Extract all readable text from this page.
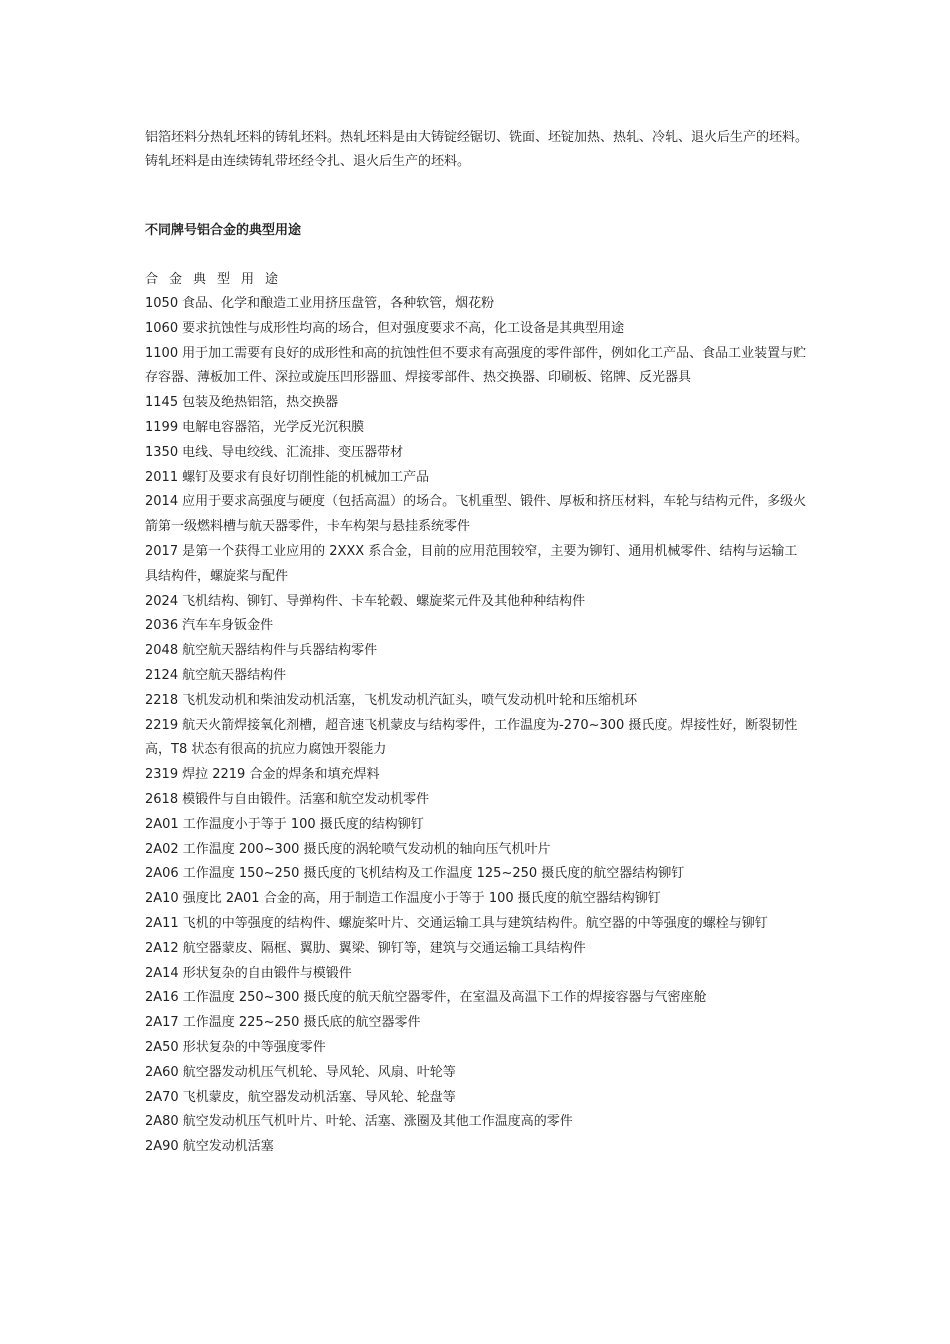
铝箔坯料分热轧坯料的铸轧坯料。热轧坯料是由大铸锭经锯切、铣面、坯锭加热、热轧、冷轧、退火后生产的坯料。铸轧坯料是由连续铸轧带坯经令扎、退火后生产的坯料。

不同牌号铝合金的典型用途

合金典型用途

1050 食品、化学和酿造工业用挤压盘管，各种软管，烟花粉
1060 要求抗蚀性与成形性均高的场合，但对强度要求不高，化工设备是其典型用途
1100 用于加工需要有良好的成形性和高的抗蚀性但不要求有高强度的零件部件，例如化工产品、食品工业装置与贮存容器、薄板加工件、深拉或旋压凹形器皿、焊接零部件、热交换器、印刷板、铭牌、反光器具
1145 包装及绝热铝箔，热交换器
1199 电解电容器箔，光学反光沉积膜
1350 电线、导电绞线、汇流排、变压器带材
2011 螺钉及要求有良好切削性能的机械加工产品
2014 应用于要求高强度与硬度（包括高温）的场合。飞机重型、锻件、厚板和挤压材料，车轮与结构元件，多级火箭第一级燃料槽与航天器零件，卡车构架与悬挂系统零件
2017 是第一个获得工业应用的 2XXX 系合金，目前的应用范围较窄，主要为铆钉、通用机械零件、结构与运输工具结构件，螺旋桨与配件
2024 飞机结构、铆钉、导弹构件、卡车轮毂、螺旋桨元件及其他种种结构件
2036 汽车车身钣金件
2048 航空航天器结构件与兵器结构零件
2124 航空航天器结构件
2218 飞机发动机和柴油发动机活塞，飞机发动机汽缸头，喷气发动机叶轮和压缩机环
2219 航天火箭焊接氧化剂槽，超音速飞机蒙皮与结构零件，工作温度为-270~300 摄氏度。焊接性好，断裂韧性高，T8 状态有很高的抗应力腐蚀开裂能力
2319 焊拉 2219 合金的焊条和填充焊料
2618 模锻件与自由锻件。活塞和航空发动机零件
2A01 工作温度小于等于 100 摄氏度的结构铆钉
2A02 工作温度 200~300 摄氏度的涡轮喷气发动机的轴向压气机叶片
2A06 工作温度 150~250 摄氏度的飞机结构及工作温度 125~250 摄氏度的航空器结构铆钉
2A10 强度比 2A01 合金的高，用于制造工作温度小于等于 100 摄氏度的航空器结构铆钉
2A11 飞机的中等强度的结构件、螺旋桨叶片、交通运输工具与建筑结构件。航空器的中等强度的螺栓与铆钉
2A12 航空器蒙皮、隔框、翼肋、翼梁、铆钉等，建筑与交通运输工具结构件
2A14 形状复杂的自由锻件与模锻件
2A16 工作温度 250~300 摄氏度的航天航空器零件，在室温及高温下工作的焊接容器与气密座舱
2A17 工作温度 225~250 摄氏底的航空器零件
2A50 形状复杂的中等强度零件
2A60 航空器发动机压气机轮、导风轮、风扇、叶轮等
2A70 飞机蒙皮，航空器发动机活塞、导风轮、轮盘等
2A80 航空发动机压气机叶片、叶轮、活塞、涨圈及其他工作温度高的零件
2A90 航空发动机活塞
